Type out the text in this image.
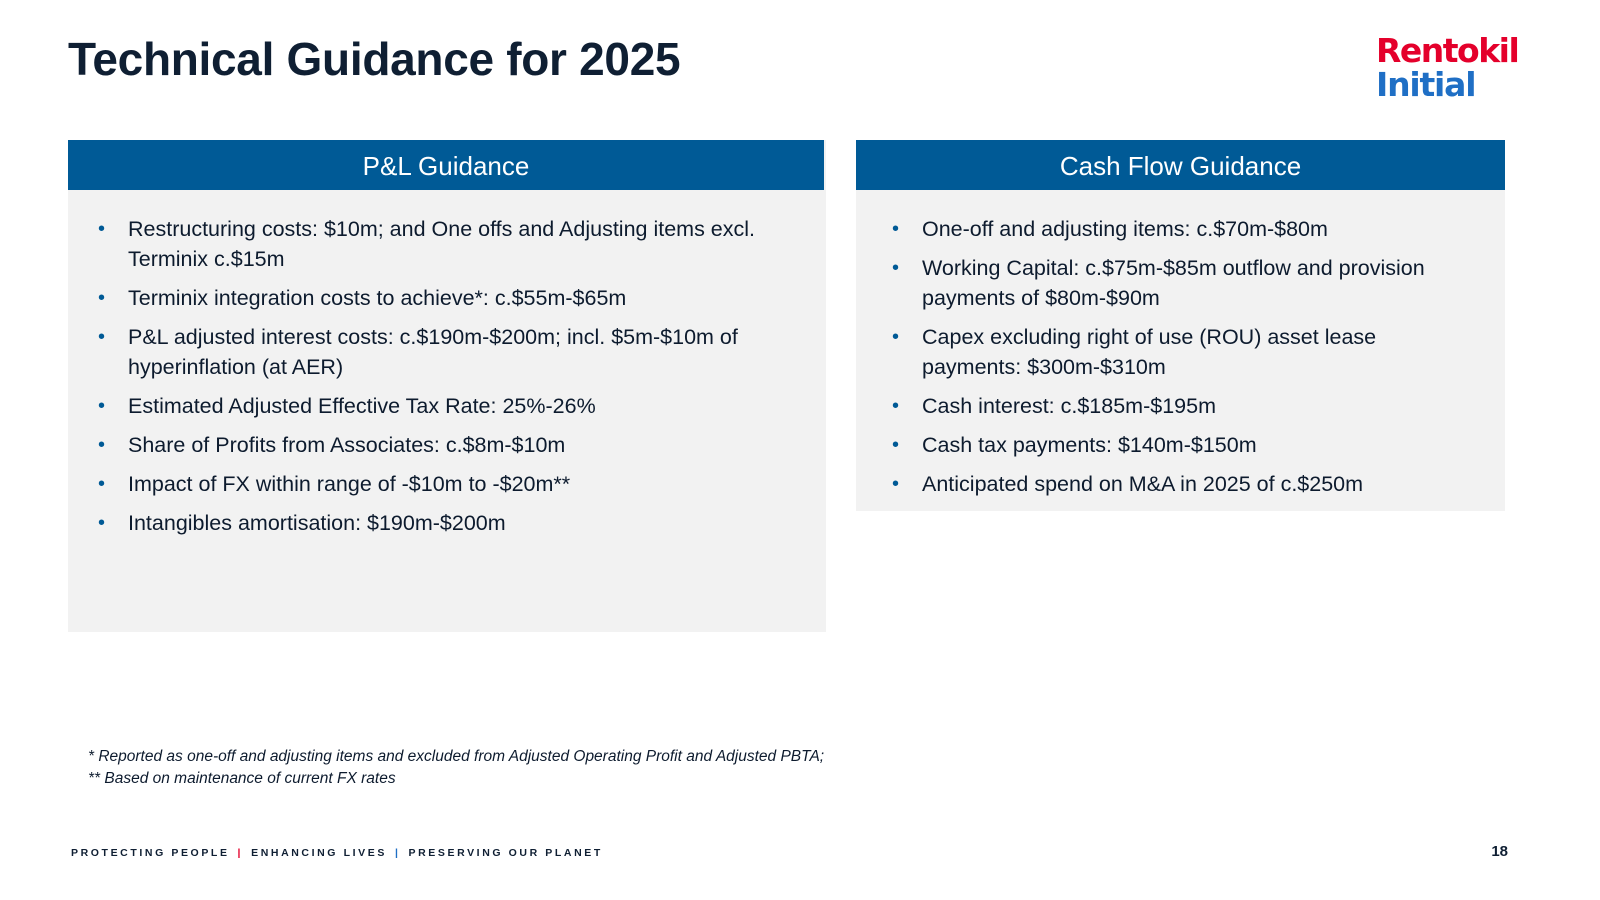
Technical Guidance for 2025	Rentokil
Initial
P&L Guidance
• Restructuring costs: $10m; and One offs and Adjusting items excl. Terminix c.$15m
• Terminix integration costs to achieve*: c.$55m-$65m
• P&L adjusted interest costs: c.$190m-$200m; incl. $5m-$10m of hyperinflation (at AER)
• Estimated Adjusted Effective Tax Rate: 25%-26%
• Share of Profits from Associates: c.$8m-$10m
• Impact of FX within range of -$10m to -$20m**
• Intangibles amortisation: $190m-$200m
Cash Flow Guidance
• One-off and adjusting items: c.$70m-$80m
• Working Capital: c.$75m-$85m outflow and provision payments of $80m-$90m
• Capex excluding right of use (ROU) asset lease payments: $300m-$310m
• Cash interest: c.$185m-$195m
• Cash tax payments: $140m-$150m
• Anticipated spend on M&A in 2025 of c.$250m
* Reported as one-off and adjusting items and excluded from Adjusted Operating Profit and Adjusted PBTA;
** Based on maintenance of current FX rates
PROTECTING PEOPLE | ENHANCING LIVES | PRESERVING OUR PLANET	18
